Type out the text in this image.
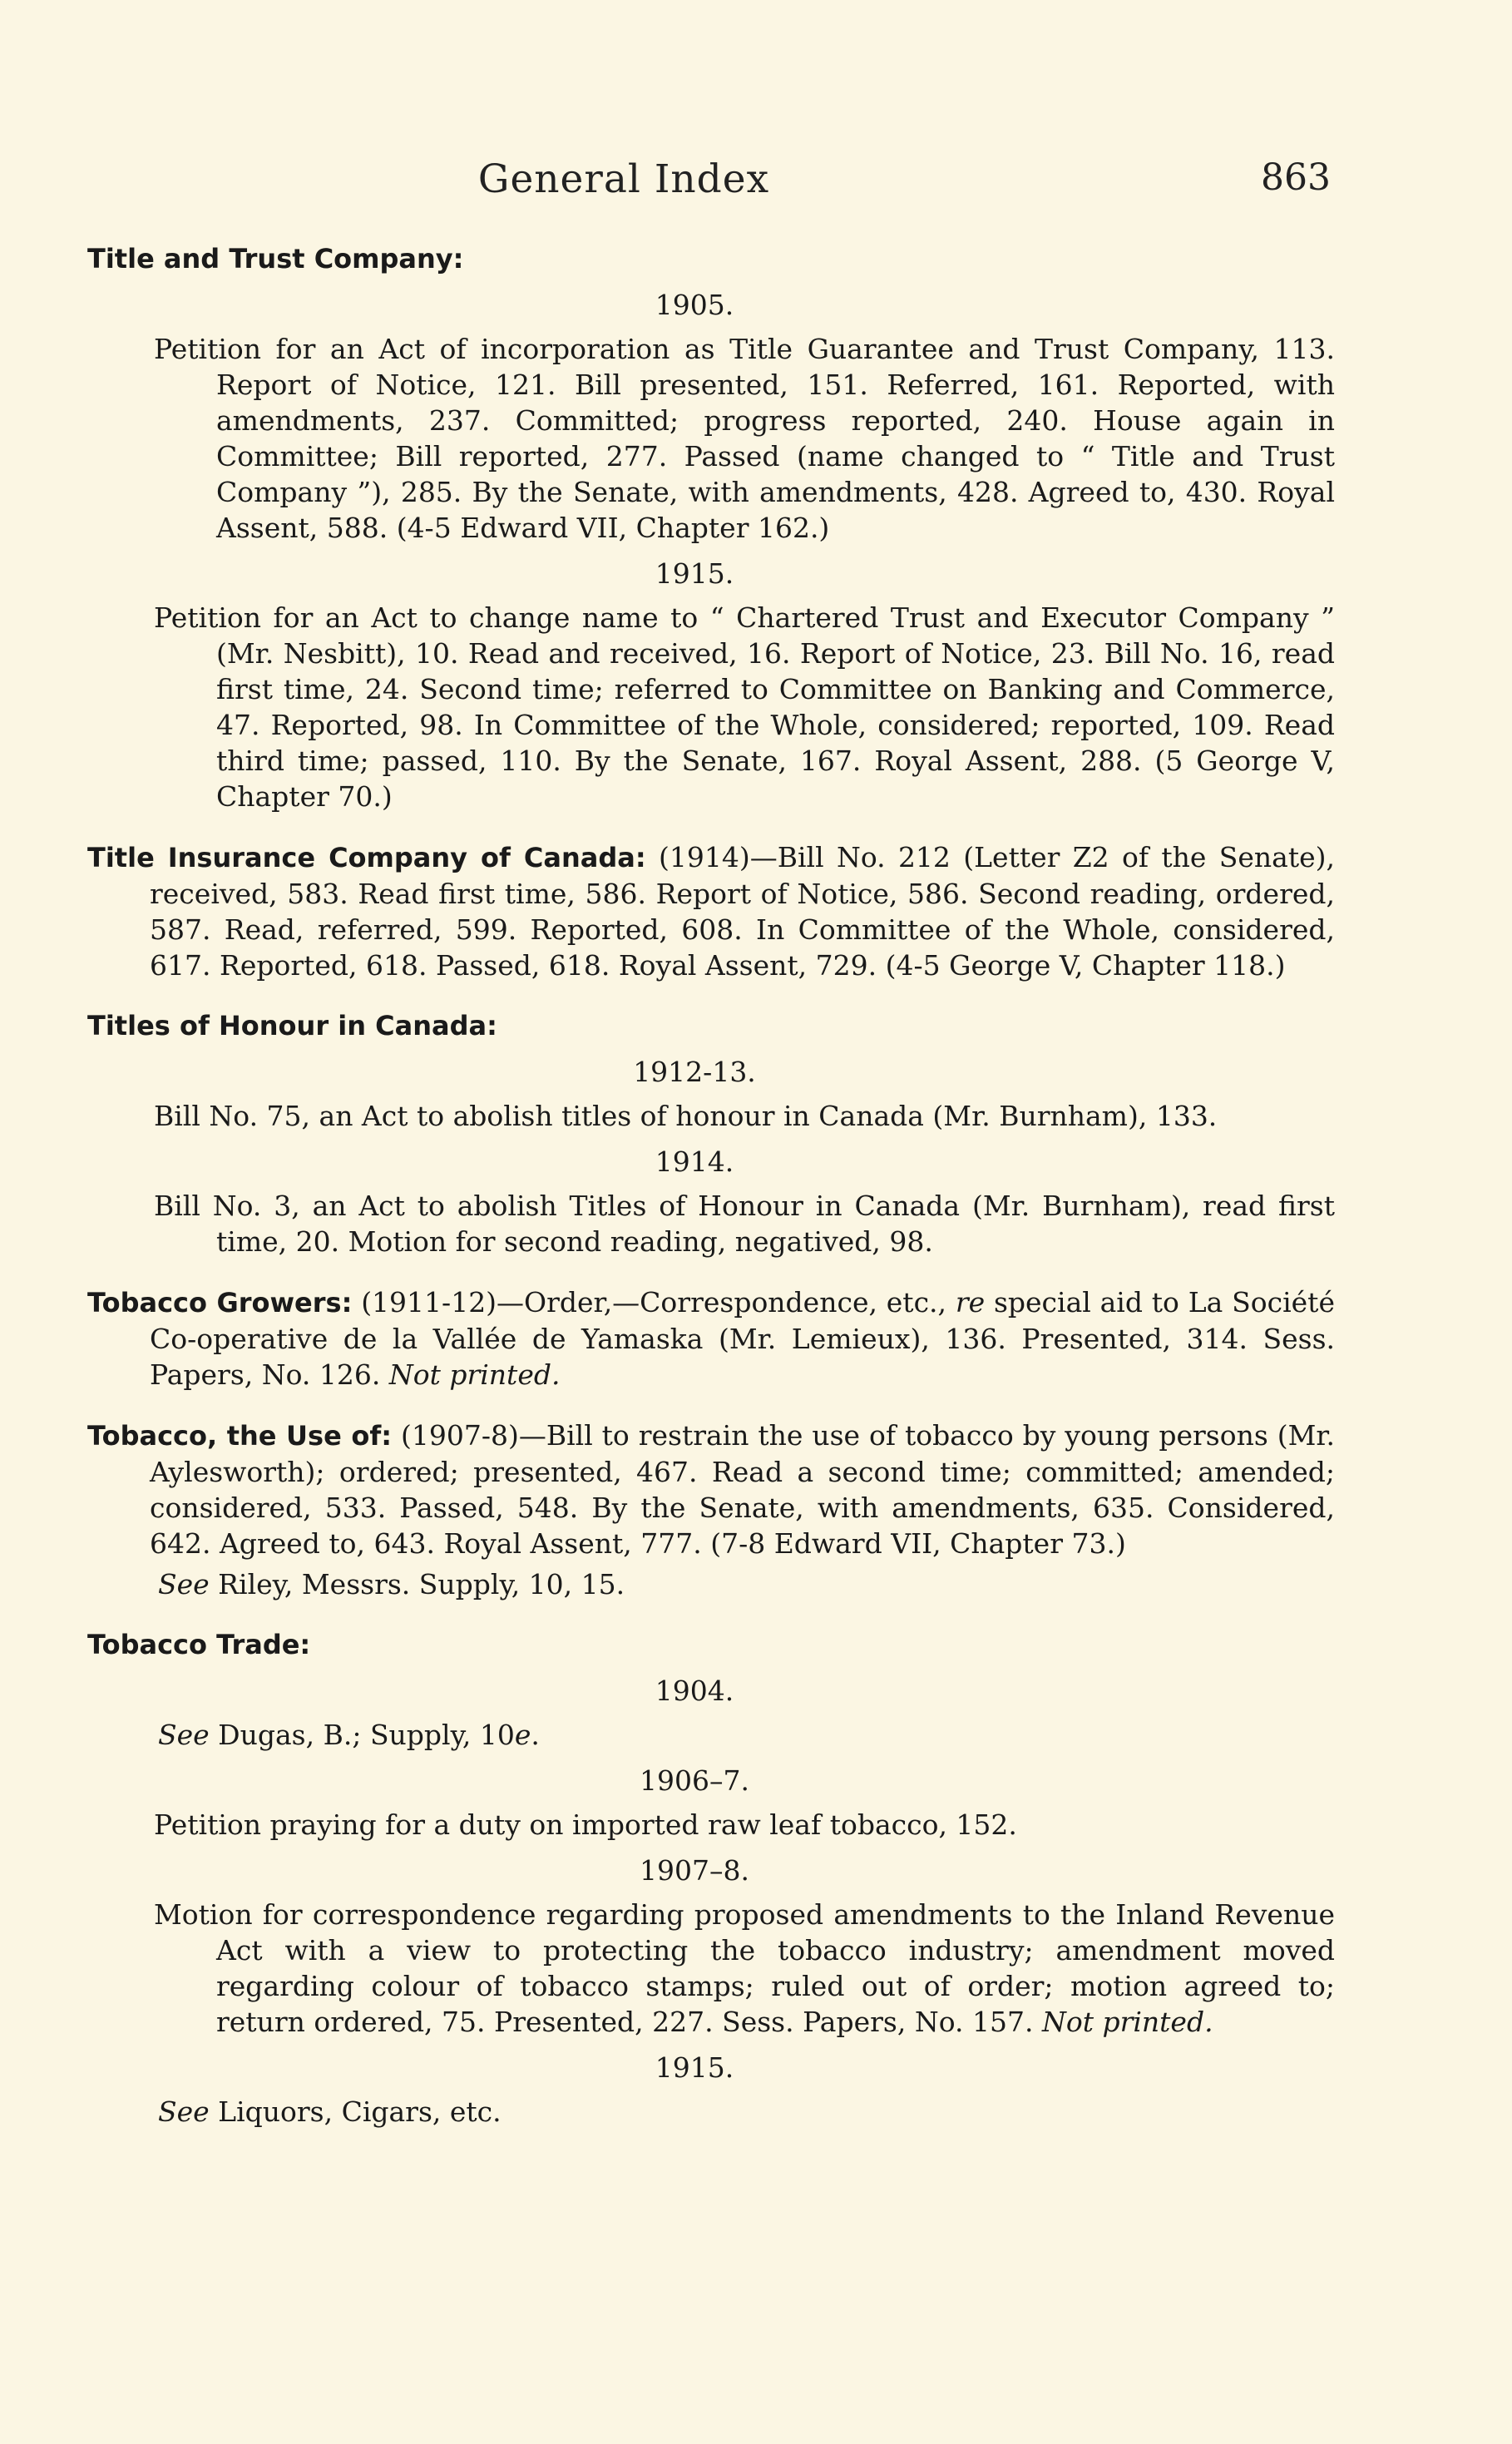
General Index	863
Title and Trust Company:
1905.
Petition for an Act of incorporation as Title Guarantee and Trust Company, 113. Report of Notice, 121. Bill presented, 151. Referred, 161. Reported, with amendments, 237. Committed; progress reported, 240. House again in Committee; Bill reported, 277. Passed (name changed to “ Title and Trust Company ”), 285. By the Senate, with amendments, 428. Agreed to, 430. Royal Assent, 588. (4-5 Edward VII, Chapter 162.)
1915.
Petition for an Act to change name to “ Chartered Trust and Executor Company ” (Mr. Nesbitt), 10. Read and received, 16. Report of Notice, 23. Bill No. 16, read first time, 24. Second time; referred to Committee on Banking and Commerce, 47. Reported, 98. In Committee of the Whole, considered; reported, 109. Read third time; passed, 110. By the Senate, 167. Royal Assent, 288. (5 George V, Chapter 70.)
Title Insurance Company of Canada: (1914)—Bill No. 212 (Letter Z2 of the Senate), received, 583. Read first time, 586. Report of Notice, 586. Second reading, ordered, 587. Read, referred, 599. Reported, 608. In Committee of the Whole, considered, 617. Reported, 618. Passed, 618. Royal Assent, 729. (4-5 George V, Chapter 118.)
Titles of Honour in Canada:
1912-13.
Bill No. 75, an Act to abolish titles of honour in Canada (Mr. Burnham), 133.
1914.
Bill No. 3, an Act to abolish Titles of Honour in Canada (Mr. Burnham), read first time, 20. Motion for second reading, negatived, 98.
Tobacco Growers: (1911-12)—Order,—Correspondence, etc., re special aid to La Société Co-operative de la Vallée de Yamaska (Mr. Lemieux), 136. Presented, 314. Sess. Papers, No. 126. Not printed.
Tobacco, the Use of: (1907-8)—Bill to restrain the use of tobacco by young persons (Mr. Aylesworth); ordered; presented, 467. Read a second time; committed; amended; considered, 533. Passed, 548. By the Senate, with amendments, 635. Considered, 642. Agreed to, 643. Royal Assent, 777. (7-8 Edward VII, Chapter 73.)
See Riley, Messrs. Supply, 10, 15.
Tobacco Trade:
1904.
See Dugas, B.; Supply, 10e.
1906–7.
Petition praying for a duty on imported raw leaf tobacco, 152.
1907–8.
Motion for correspondence regarding proposed amendments to the Inland Revenue Act with a view to protecting the tobacco industry; amendment moved regarding colour of tobacco stamps; ruled out of order; motion agreed to; return ordered, 75. Presented, 227. Sess. Papers, No. 157. Not printed.
1915.
See Liquors, Cigars, etc.
